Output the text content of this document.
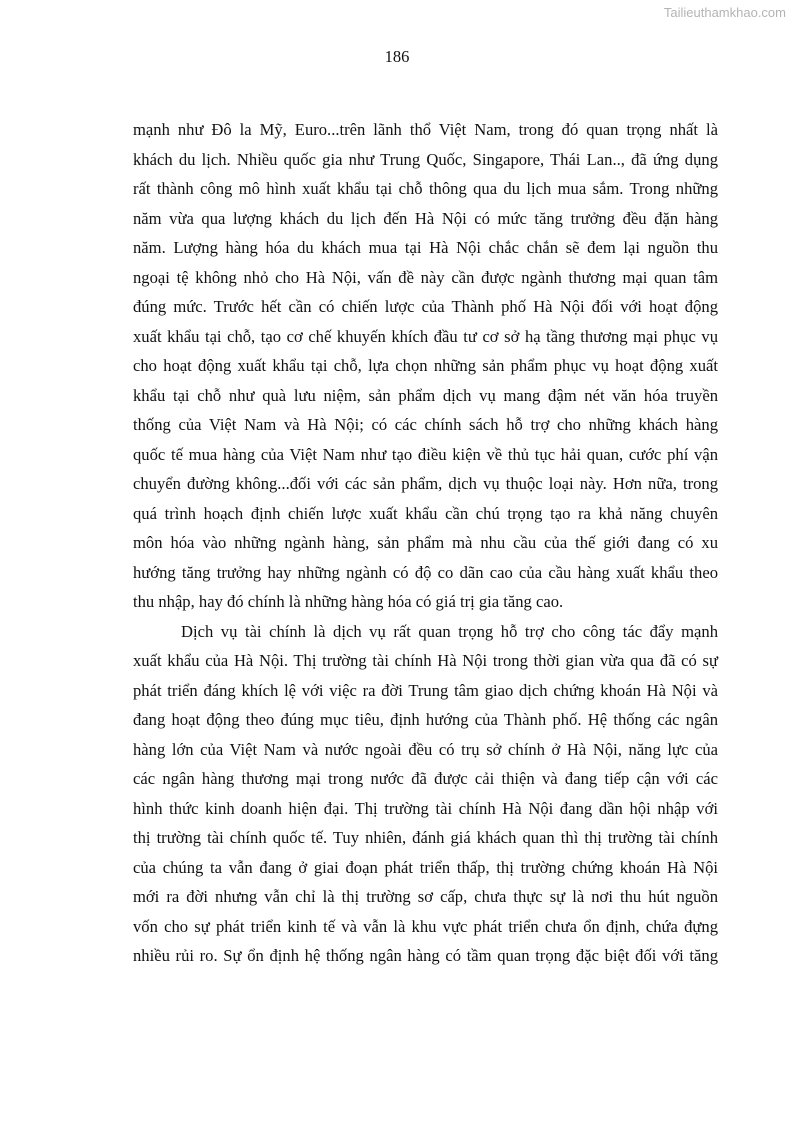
Tailieuthamkhao.com
186
mạnh như Đô la Mỹ, Euro...trên lãnh thổ Việt Nam, trong đó quan trọng nhất là
khách du lịch. Nhiều quốc gia như Trung Quốc, Singapore, Thái Lan.., đã ứng dụng
rất thành công mô hình xuất khẩu tại chỗ thông qua du lịch mua sắm. Trong những
năm vừa qua lượng khách du lịch đến Hà Nội có mức tăng trưởng đều đặn hàng
năm. Lượng hàng hóa du khách mua tại Hà Nội chắc chắn sẽ đem lại nguồn thu
ngoại tệ không nhỏ cho Hà Nội, vấn đề này cần được ngành thương mại quan tâm
đúng mức. Trước hết cần có chiến lược của Thành phố Hà Nội đối với hoạt động
xuất khẩu tại chỗ, tạo cơ chế khuyến khích đầu tư cơ sở hạ tầng thương mại phục vụ
cho hoạt động xuất khẩu tại chỗ, lựa chọn những sản phẩm phục vụ hoạt động xuất
khẩu tại chỗ như quà lưu niệm, sản phẩm dịch vụ mang đậm nét văn hóa truyền
thống của Việt Nam và Hà Nội; có các chính sách hỗ trợ cho những khách hàng
quốc tế mua hàng của Việt Nam như tạo điều kiện về thủ tục hải quan, cước phí vận
chuyển đường không...đối với các sản phẩm, dịch vụ thuộc loại này. Hơn nữa, trong
quá trình hoạch định chiến lược xuất khẩu cần chú trọng tạo ra khả năng chuyên
môn hóa vào những ngành hàng, sản phẩm mà nhu cầu của thế giới đang có xu
hướng tăng trưởng hay những ngành có độ co dãn cao của cầu hàng xuất khẩu theo
thu nhập, hay đó chính là những hàng hóa có giá trị gia tăng cao.
Dịch vụ tài chính là dịch vụ rất quan trọng hỗ trợ cho công tác đẩy mạnh
xuất khẩu của Hà Nội. Thị trường tài chính Hà Nội trong thời gian vừa qua đã có sự
phát triển đáng khích lệ với việc ra đời Trung tâm giao dịch chứng khoán Hà Nội và
đang hoạt động theo đúng mục tiêu, định hướng của Thành phố. Hệ thống các ngân
hàng lớn của Việt Nam và nước ngoài đều có trụ sở chính ở Hà Nội, năng lực của
các ngân hàng thương mại trong nước đã được cải thiện và đang tiếp cận với các
hình thức kinh doanh hiện đại. Thị trường tài chính Hà Nội đang dần hội nhập với
thị trường tài chính quốc tế. Tuy nhiên, đánh giá khách quan thì thị trường tài chính
của chúng ta vẫn đang ở giai đoạn phát triển thấp, thị trường chứng khoán Hà Nội
mới ra đời nhưng vẫn chỉ là thị trường sơ cấp, chưa thực sự là nơi thu hút nguồn
vốn cho sự phát triển kinh tế và vẫn là khu vực phát triển chưa ổn định, chứa đựng
nhiều rủi ro. Sự ổn định hệ thống ngân hàng có tầm quan trọng đặc biệt đối với tăng
